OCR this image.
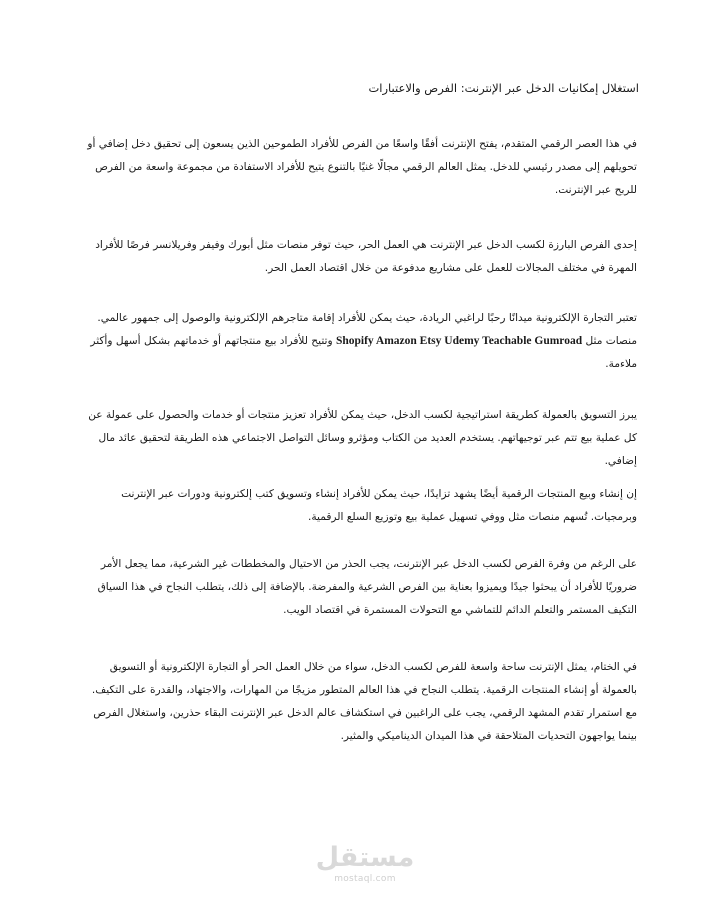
استغلال إمكانيات الدخل عبر الإنترنت: الفرص والاعتبارات

في هذا العصر الرقمي المتقدم، يفتح الإنترنت أفقًا واسعًا من الفرص للأفراد الطموحين الذين يسعون إلى تحقيق دخل إضافي أو تحويلهم إلى مصدر رئيسي للدخل. يمثل العالم الرقمي مجالًا غنيًا بالتنوع يتيح للأفراد الاستفادة من مجموعة واسعة من الفرص للربح عبر الإنترنت.

إحدى الفرص البارزة لكسب الدخل عبر الإنترنت هي العمل الحر، حيث توفر منصات مثل أبورك وفيفر وفريلانسر فرصًا للأفراد المهرة في مختلف المجالات للعمل على مشاريع مدفوعة من خلال اقتصاد العمل الحر.

تعتبر التجارة الإلكترونية ميدانًا رحبًا لراغبي الريادة، حيث يمكن للأفراد إقامة متاجرهم الإلكترونية والوصول إلى جمهور عالمي. منصات مثل Shopify Amazon Etsy Udemy Teachable Gumroad وتتيح للأفراد بيع منتجاتهم أو خدماتهم بشكل أسهل وأكثر ملاءمة.

يبرز التسويق بالعمولة كطريقة استراتيجية لكسب الدخل، حيث يمكن للأفراد تعزيز منتجات أو خدمات والحصول على عمولة عن كل عملية بيع تتم عبر توجيهاتهم. يستخدم العديد من الكتاب ومؤثرو وسائل التواصل الاجتماعي هذه الطريقة لتحقيق عائد مال إضافي.

إن إنشاء وبيع المنتجات الرقمية أيضًا يشهد تزايدًا، حيث يمكن للأفراد إنشاء وتسويق كتب إلكترونية ودورات عبر الإنترنت وبرمجيات. تُسهم منصات مثل ووفي تسهيل عملية بيع وتوزيع السلع الرقمية.

على الرغم من وفرة الفرص لكسب الدخل عبر الإنترنت، يجب الحذر من الاحتيال والمخططات غير الشرعية، مما يجعل الأمر ضروريًا للأفراد أن يبحثوا جيدًا ويميزوا بعناية بين الفرص الشرعية والمفرضة. بالإضافة إلى ذلك، يتطلب النجاح في هذا السياق التكيف المستمر والتعلم الدائم للتماشي مع التحولات المستمرة في اقتصاد الويب.

في الختام، يمثل الإنترنت ساحة واسعة للفرص لكسب الدخل، سواء من خلال العمل الحر أو التجارة الإلكترونية أو التسويق بالعمولة أو إنشاء المنتجات الرقمية. يتطلب النجاح في هذا العالم المتطور مزيجًا من المهارات، والاجتهاد، والقدرة على التكيف. مع استمرار تقدم المشهد الرقمي، يجب على الراغبين في استكشاف عالم الدخل عبر الإنترنت البقاء حذرين، واستغلال الفرص بينما يواجهون التحديات المتلاحقة في هذا الميدان الديناميكي والمثير.

مستقل
mostaql.com
